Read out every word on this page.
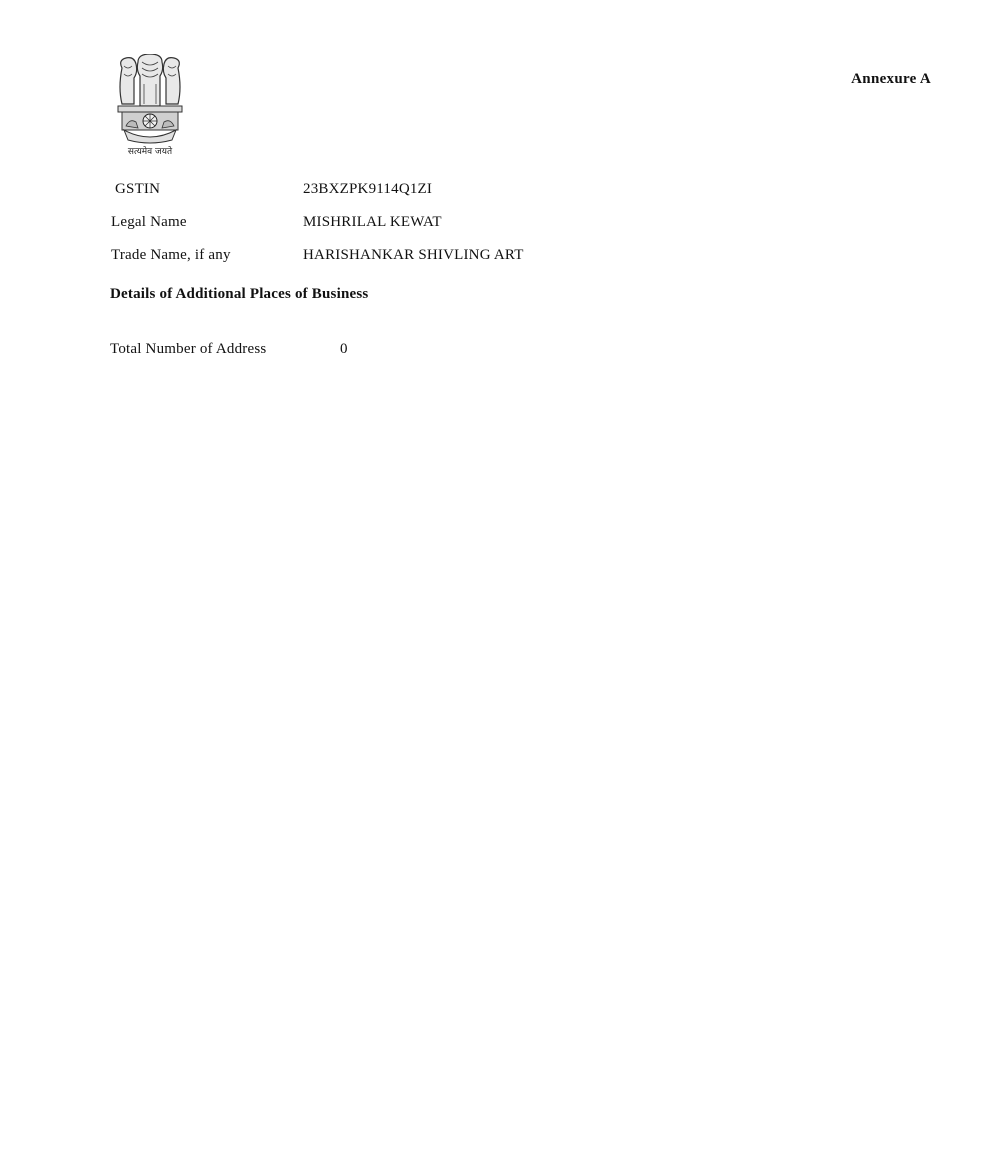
सत्यमेव जयते
Annexure A
GSTIN	23BXZPK9114Q1ZI
Legal Name	MISHRILAL KEWAT
Trade Name, if any	HARISHANKAR SHIVLING ART
Details of Additional Places of Business
Total Number of Address	0
